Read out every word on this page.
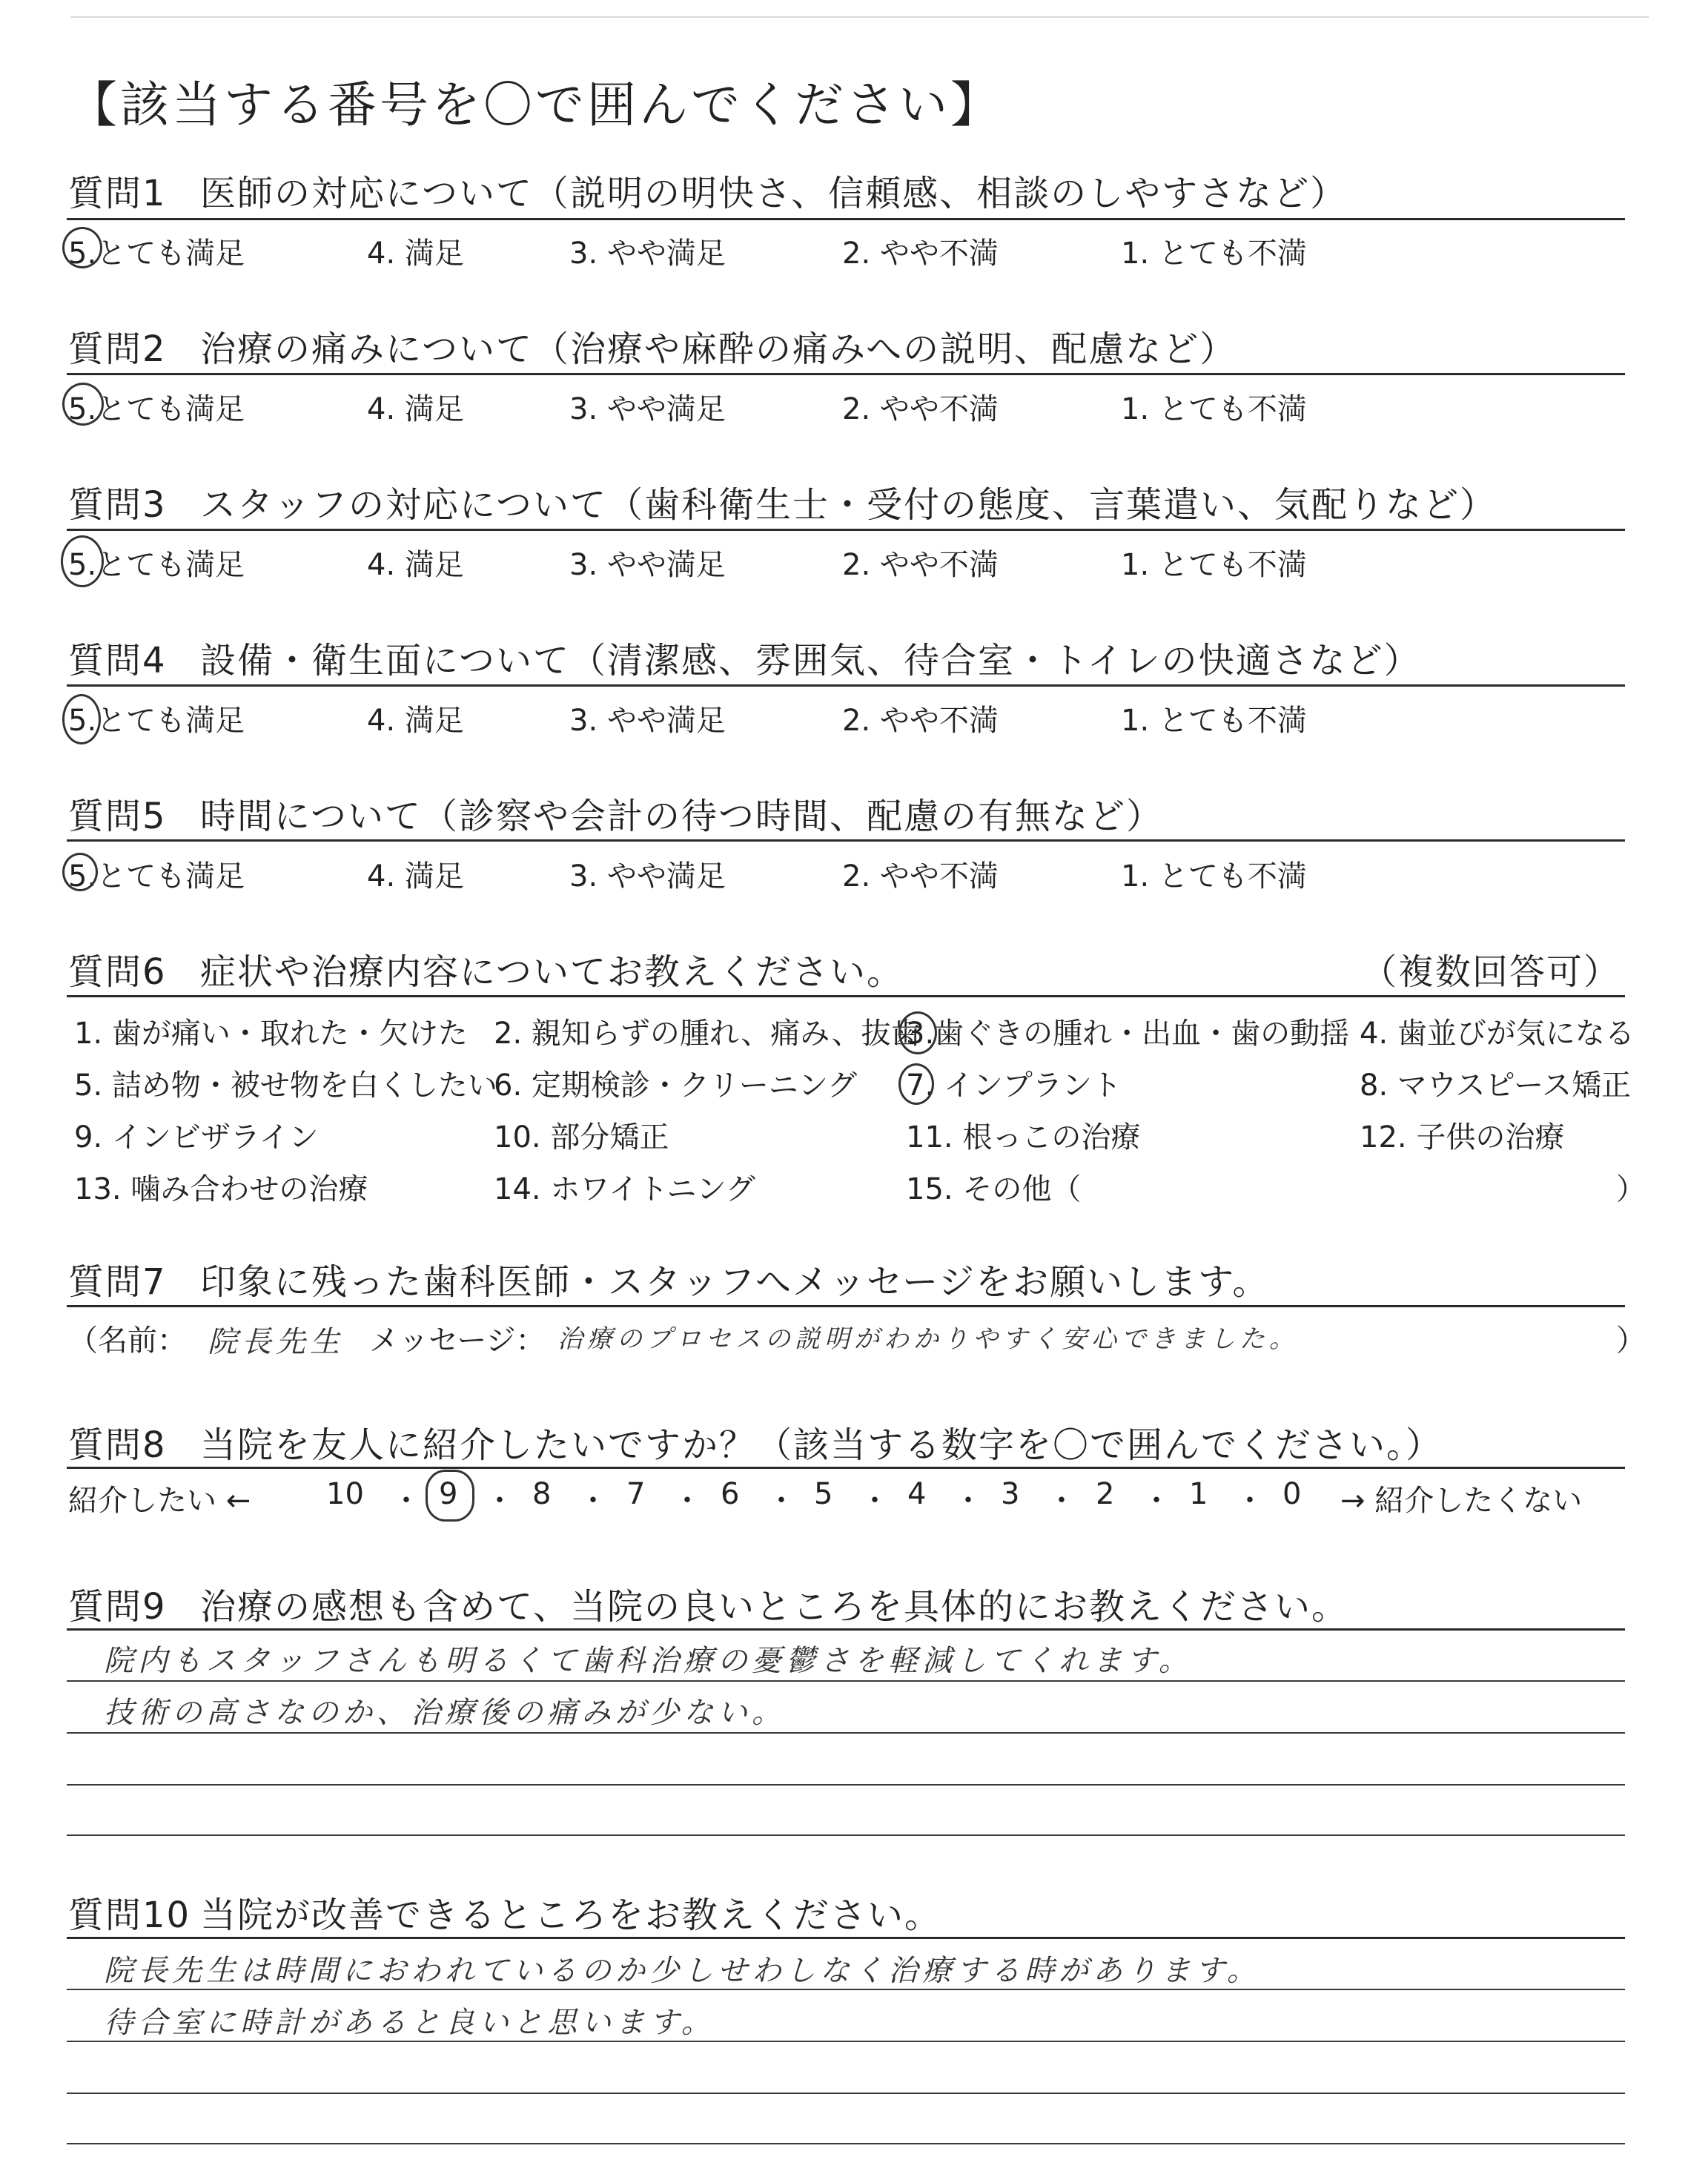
【該当する番号を〇で囲んでください】
質問1 医師の対応について（説明の明快さ、信頼感、相談のしやすさなど）
5.とても満足	4. 満足	3. やや満足	2. やや不満	1. とても不満
質問2 治療の痛みについて（治療や麻酔の痛みへの説明、配慮など）
5.とても満足	4. 満足	3. やや満足	2. やや不満	1. とても不満
質問3 スタッフの対応について（歯科衛生士・受付の態度、言葉遣い、気配りなど）
5.とても満足	4. 満足	3. やや満足	2. やや不満	1. とても不満
質問4 設備・衛生面について（清潔感、雰囲気、待合室・トイレの快適さなど）
5.とても満足	4. 満足	3. やや満足	2. やや不満	1. とても不満
質問5 時間について（診察や会計の待つ時間、配慮の有無など）
5.とても満足	4. 満足	3. やや満足	2. やや不満	1. とても不満
質問6 症状や治療内容についてお教えください。	（複数回答可）
1. 歯が痛い・取れた・欠けた 2. 親知らずの腫れ、痛み、抜歯
3.歯ぐきの腫れ・出血・歯の動揺 4. 歯並びが気になる
5. 詰め物・被せ物を白くしたい
6. 定期検診・クリーニング 7. インプラント	8. マウスピース矯正
9. インビザライン	10. 部分矯正	11. 根っこの治療	12. 子供の治療
13. 噛み合わせの治療	14. ホワイトニング	15. その他（	）
質問7 印象に残った歯科医師・スタッフへメッセージをお願いします。
（名前： 院長先生 メッセージ： 治療のプロセスの説明がわかりやすく安心できました。	）
質問8 当院を友人に紹介したいですか？（該当する数字を〇で囲んでください。）
紹介したい ←	10 ・ 9 ・ 8 ・ 7 ・ 6 ・ 5 ・ 4 ・ 3 ・ 2 ・ 1 ・ 0 → 紹介したくない
質問9 治療の感想も含めて、当院の良いところを具体的にお教えください。
院内もスタッフさんも明るくて歯科治療の憂鬱さを軽減してくれます。
技術の高さなのか、治療後の痛みが少ない。
質問10 当院が改善できるところをお教えください。
院長先生は時間におわれているのか少しせわしなく治療する時があります。
待合室に時計があると良いと思います。
